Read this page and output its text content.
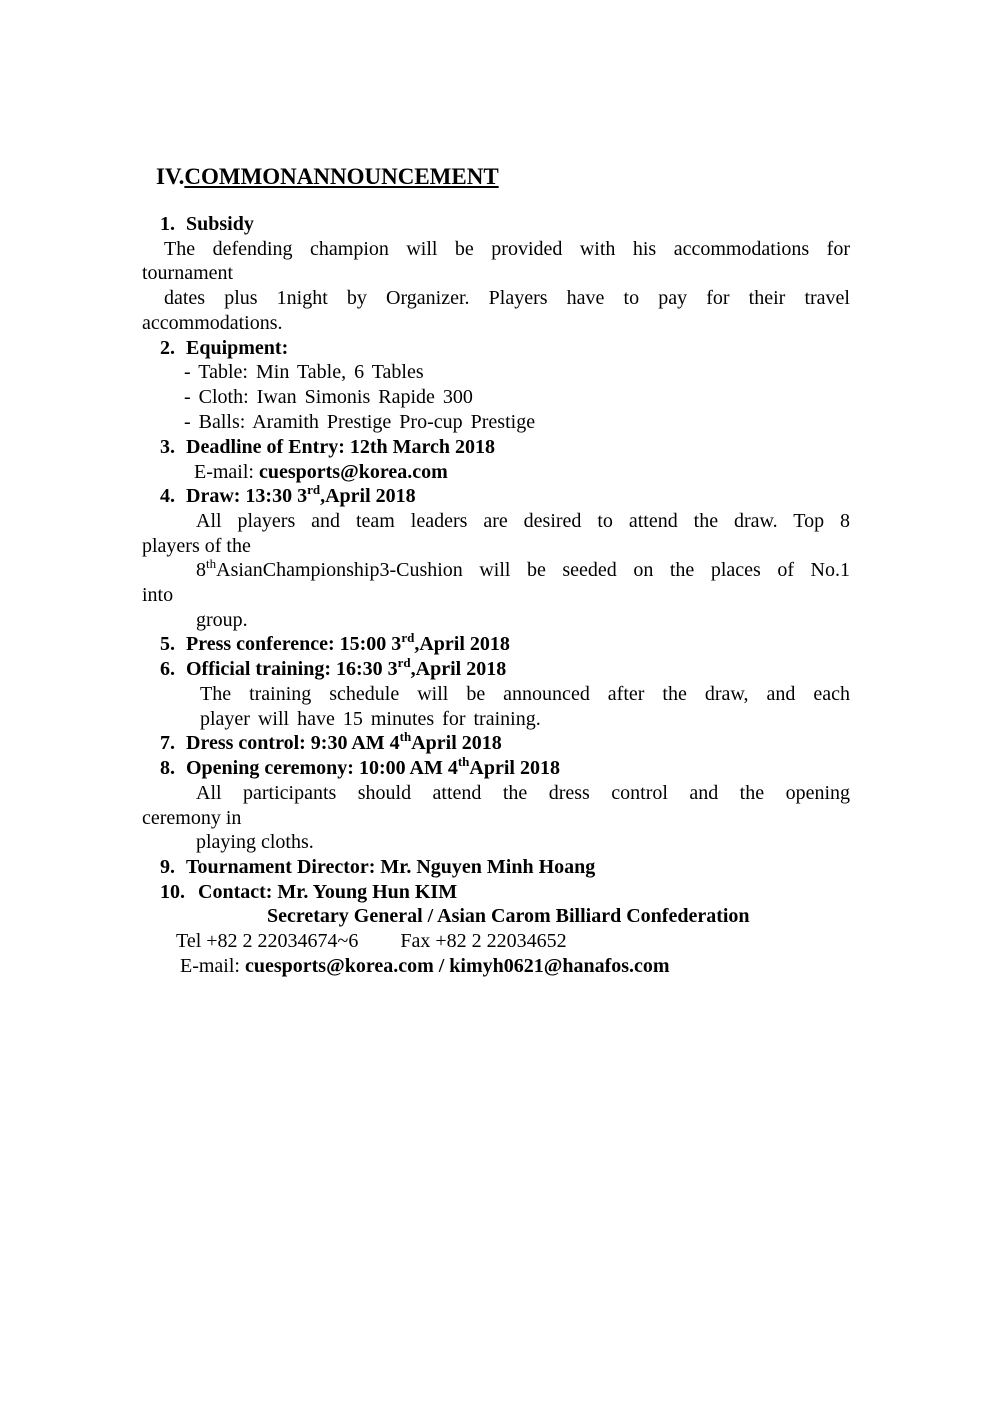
IV.COMMONANNOUNCEMENT
1. Subsidy
The defending champion will be provided with his accommodations for
tournament
dates plus 1night by Organizer. Players have to pay for their travel
accommodations.
2. Equipment:
- Table: Min Table, 6 Tables
- Cloth: Iwan Simonis Rapide 300
- Balls: Aramith Prestige Pro-cup Prestige
3. Deadline of Entry: 12th March 2018
E-mail: cuesports@korea.com
4. Draw: 13:30 3rd,April 2018
All players and team leaders are desired to attend the draw. Top 8
players of the
8thAsianChampionship3-Cushion will be seeded on the places of No.1
into
group.
5. Press conference: 15:00 3rd,April 2018
6. Official training: 16:30 3rd,April 2018
The training schedule will be announced after the draw, and each
player will have 15 minutes for training.
7. Dress control: 9:30 AM 4thApril 2018
8. Opening ceremony: 10:00 AM 4thApril 2018
All participants should attend the dress control and the opening
ceremony in
playing cloths.
9. Tournament Director: Mr. Nguyen Minh Hoang
10. Contact: Mr. Young Hun KIM
Secretary General / Asian Carom Billiard Confederation
Tel +82 2 22034674~6 Fax +82 2 22034652
E-mail: cuesports@korea.com / kimyh0621@hanafos.com
